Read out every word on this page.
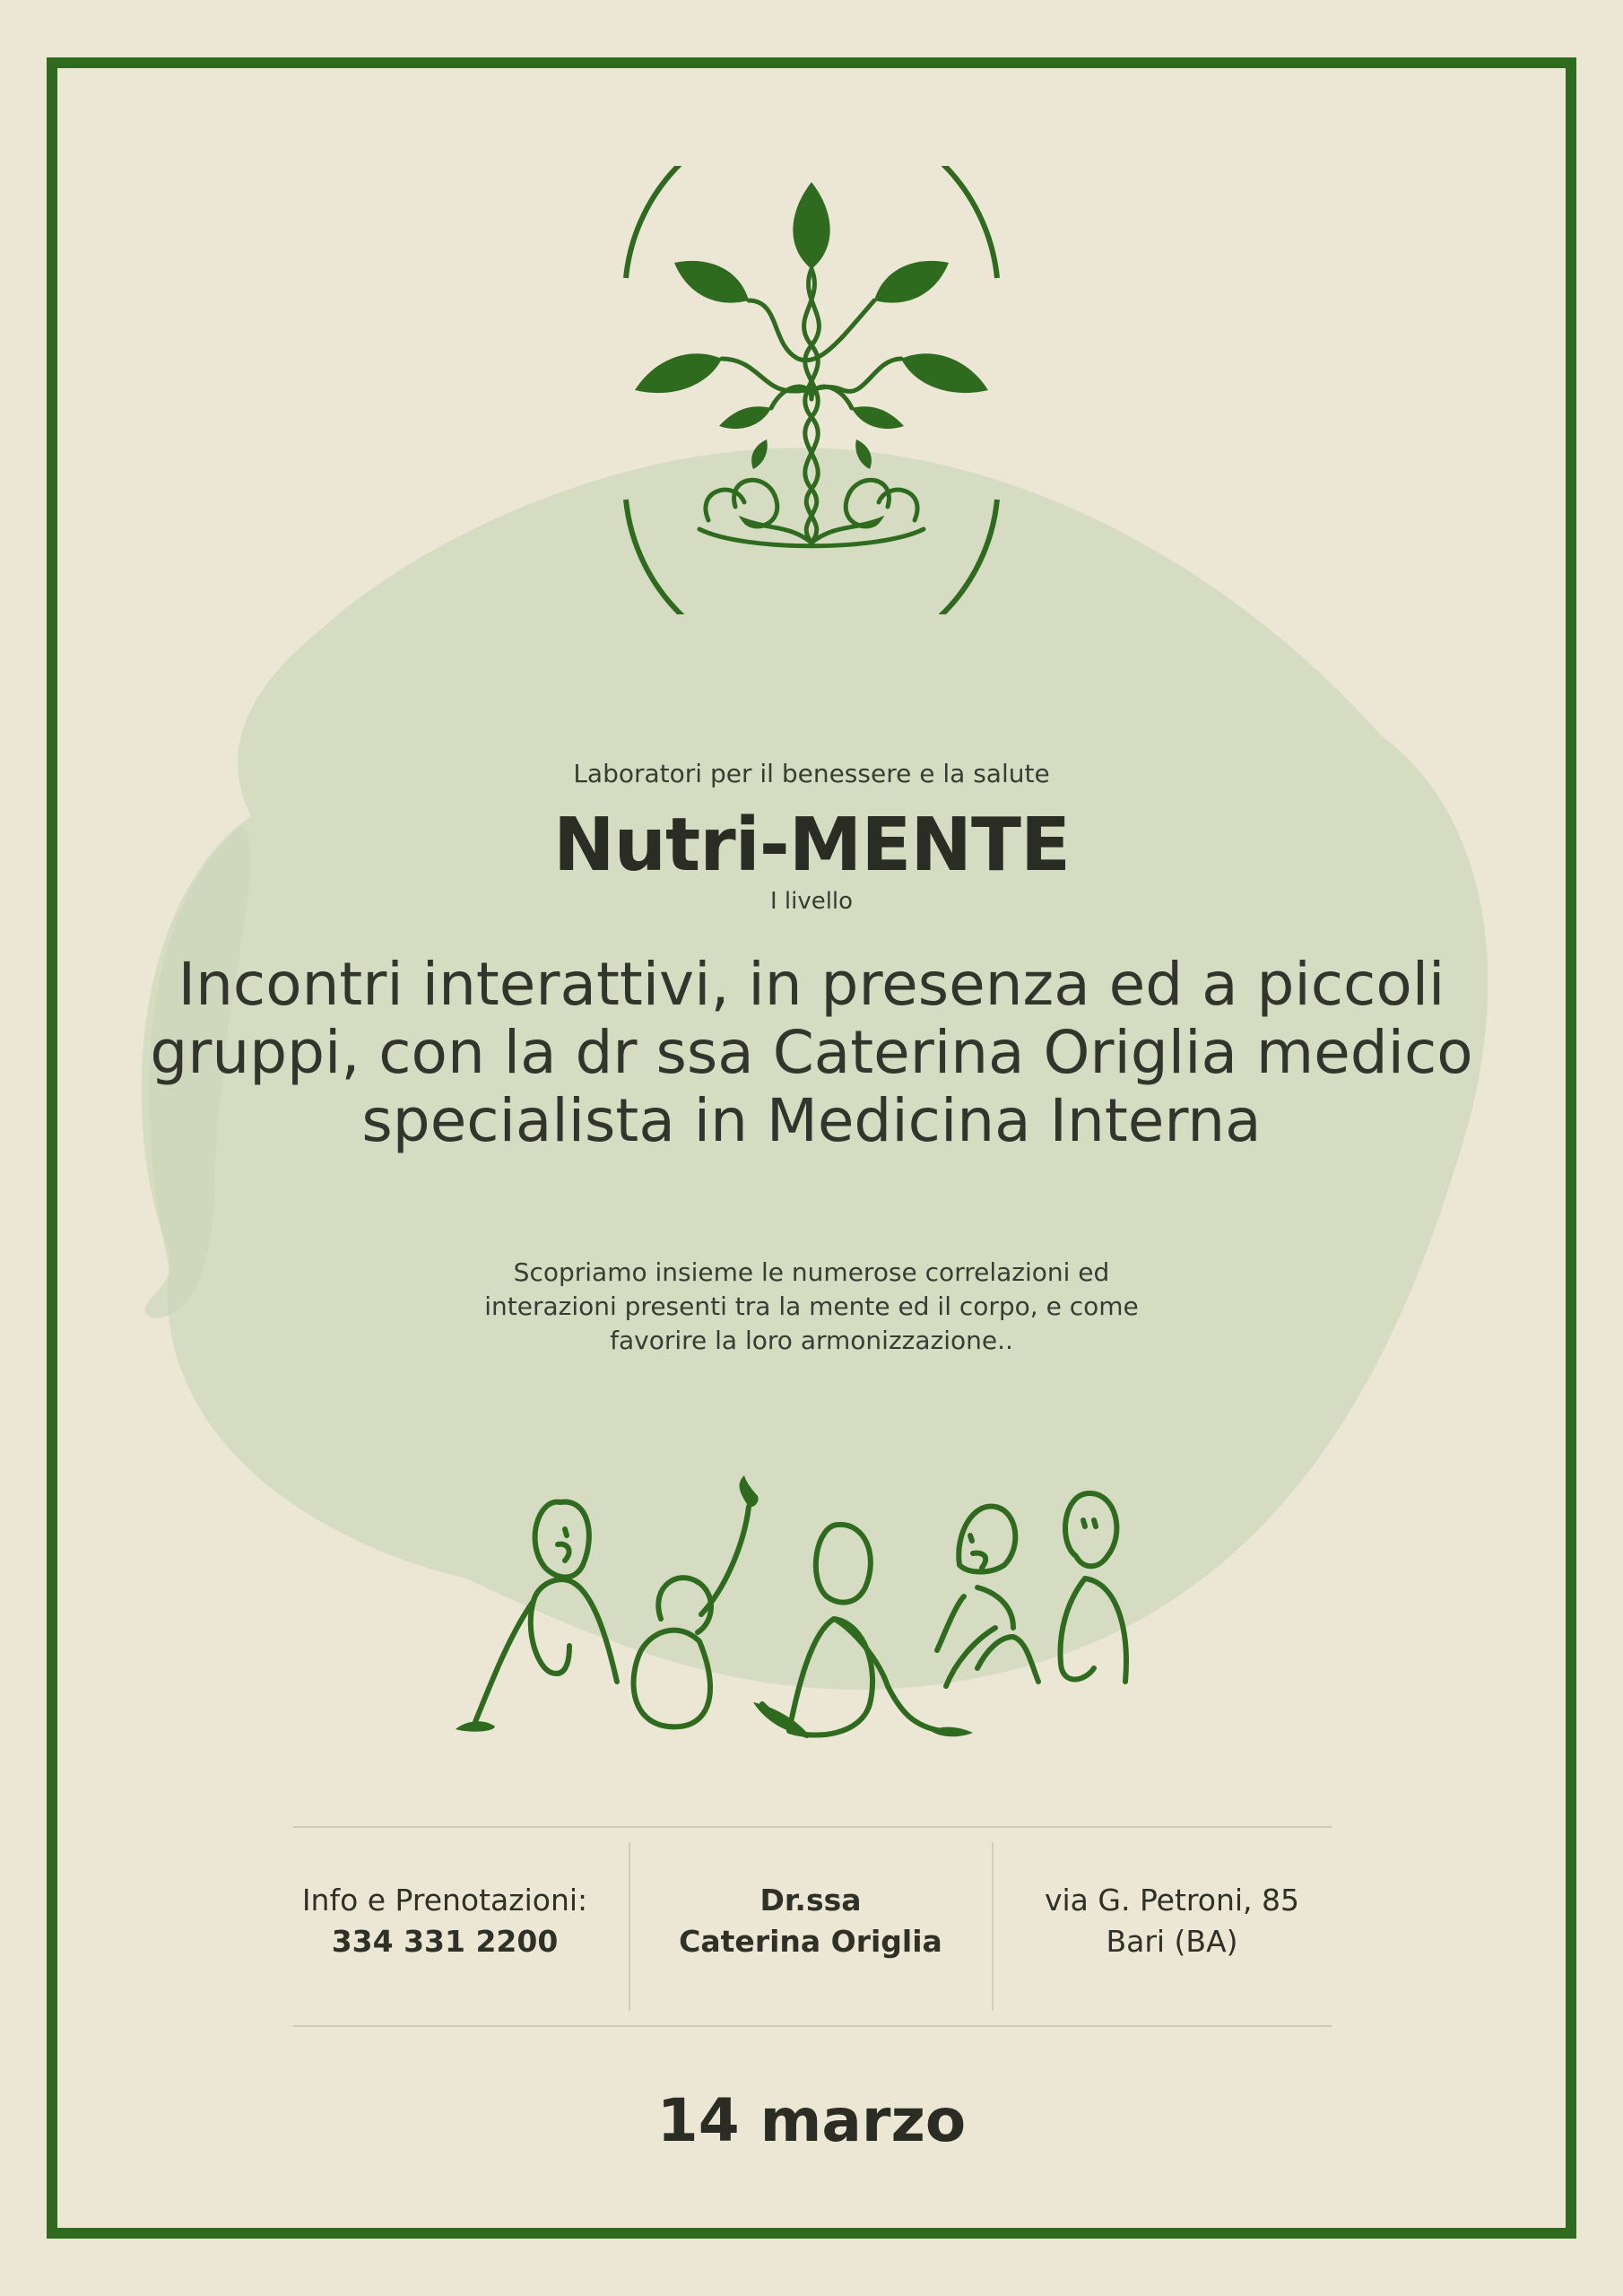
Laboratori per il benessere e la salute
Nutri-MENTE
I livello
Incontri interattivi, in presenza ed a piccoli gruppi, con la dr ssa Caterina Origlia medico specialista in Medicina Interna
Scopriamo insieme le numerose correlazioni ed interazioni presenti tra la mente ed il corpo, e come favorire la loro armonizzazione..
Info e Prenotazioni:
334 331 2200
Dr.ssa
Caterina Origlia
via G. Petroni, 85
Bari (BA)
14 marzo
